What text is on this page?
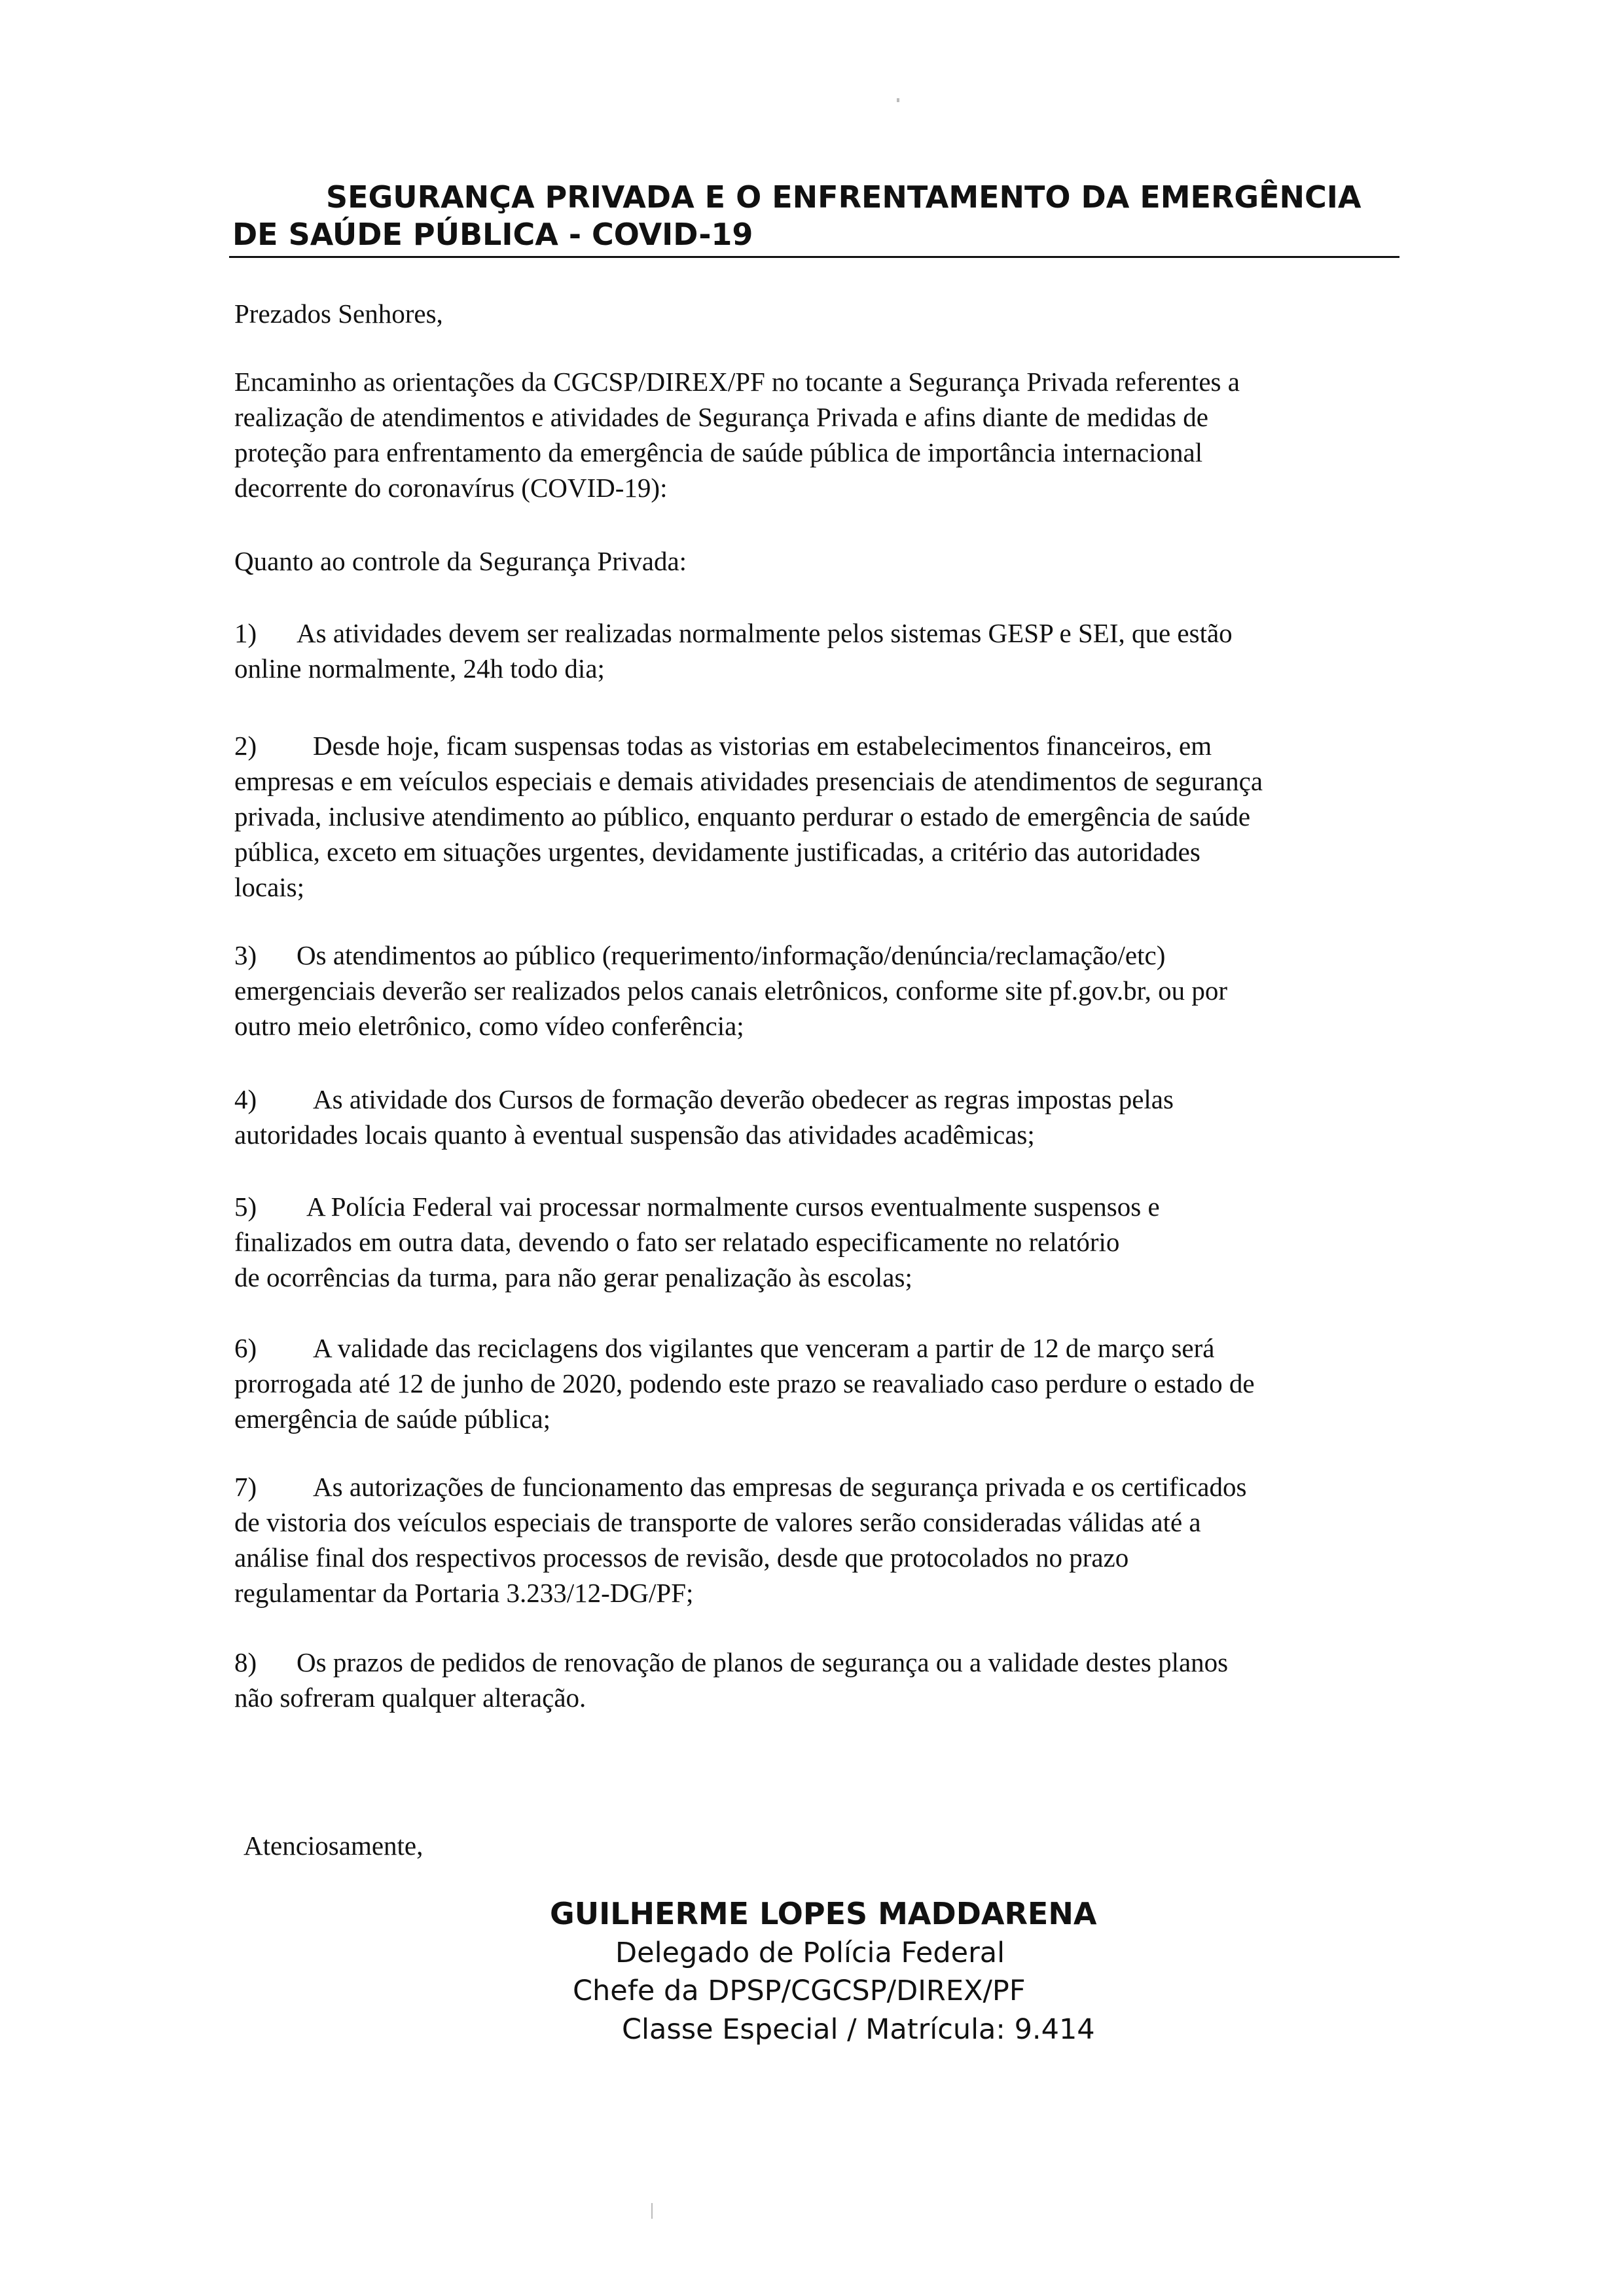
SEGURANÇA PRIVADA E O ENFRENTAMENTO DA EMERGÊNCIA
DE SAÚDE PÚBLICA - COVID-19
Prezados Senhores,

Encaminho as orientações da CGCSP/DIREX/PF no tocante a Segurança Privada referentes a

realização de atendimentos e atividades de Segurança Privada e afins diante de medidas de

proteção para enfrentamento da emergência de saúde pública de importância internacional

decorrente do coronavírus (COVID-19):

Quanto ao controle da Segurança Privada:

1) As atividades devem ser realizadas normalmente pelos sistemas GESP e SEI, que estão

online normalmente, 24h todo dia;

2) Desde hoje, ficam suspensas todas as vistorias em estabelecimentos financeiros, em

empresas e em veículos especiais e demais atividades presenciais de atendimentos de segurança

privada, inclusive atendimento ao público, enquanto perdurar o estado de emergência de saúde

pública, exceto em situações urgentes, devidamente justificadas, a critério das autoridades

locais;

3) Os atendimentos ao público (requerimento/informação/denúncia/reclamação/etc)

emergenciais deverão ser realizados pelos canais eletrônicos, conforme site pf.gov.br, ou por

outro meio eletrônico, como vídeo conferência;

4) As atividade dos Cursos de formação deverão obedecer as regras impostas pelas

autoridades locais quanto à eventual suspensão das atividades acadêmicas;

5) A Polícia Federal vai processar normalmente cursos eventualmente suspensos e

finalizados em outra data, devendo o fato ser relatado especificamente no relatório

de ocorrências da turma, para não gerar penalização às escolas;

6) A validade das reciclagens dos vigilantes que venceram a partir de 12 de março será

prorrogada até 12 de junho de 2020, podendo este prazo se reavaliado caso perdure o estado de

emergência de saúde pública;

7) As autorizações de funcionamento das empresas de segurança privada e os certificados

de vistoria dos veículos especiais de transporte de valores serão consideradas válidas até a

análise final dos respectivos processos de revisão, desde que protocolados no prazo

regulamentar da Portaria 3.233/12-DG/PF;

8) Os prazos de pedidos de renovação de planos de segurança ou a validade destes planos

não sofreram qualquer alteração.

Atenciosamente,
GUILHERME LOPES MADDARENA
Delegado de Polícia Federal
Chefe da DPSP/CGCSP/DIREX/PF
Classe Especial / Matrícula: 9.414
